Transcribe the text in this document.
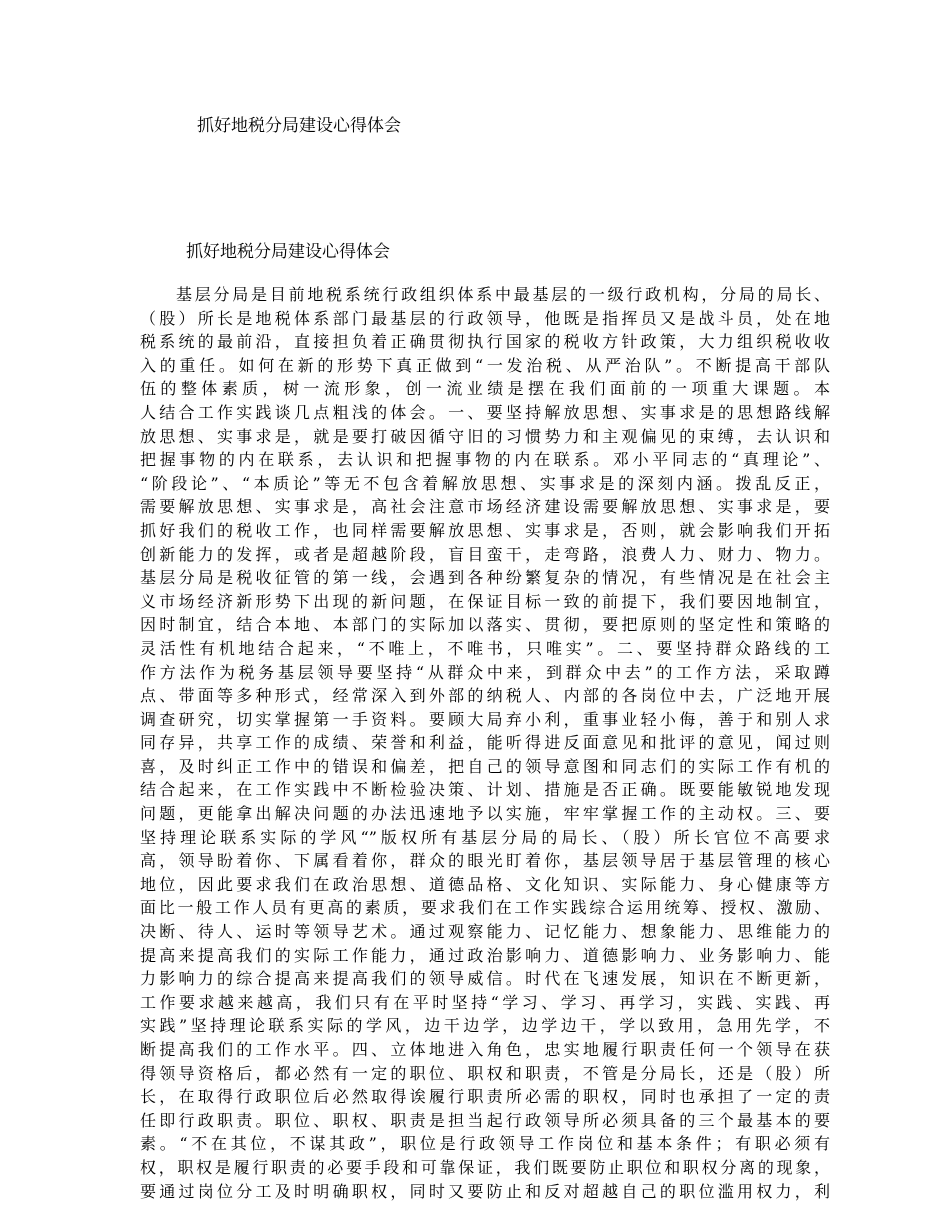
抓好地税分局建设心得体会
抓好地税分局建设心得体会
基层分局是目前地税系统行政组织体系中最基层的一级行政机构，分局的局长、
（股）所长是地税体系部门最基层的行政领导，他既是指挥员又是战斗员，处在地
税系统的最前沿，直接担负着正确贯彻执行国家的税收方针政策，大力组织税收收
入的重任。如何在新的形势下真正做到“一发治税、从严治队”。不断提高干部队
伍的整体素质，树一流形象，创一流业绩是摆在我们面前的一项重大课题。本
人结合工作实践谈几点粗浅的体会。一、要坚持解放思想、实事求是的思想路线解
放思想、实事求是，就是要打破因循守旧的习惯势力和主观偏见的束缚，去认识和
把握事物的内在联系，去认识和把握事物的内在联系。邓小平同志的“真理论”、
“阶段论”、“本质论”等无不包含着解放思想、实事求是的深刻内涵。拨乱反正，
需要解放思想、实事求是，高社会注意市场经济建设需要解放思想、实事求是，要
抓好我们的税收工作，也同样需要解放思想、实事求是，否则，就会影响我们开拓
创新能力的发挥，或者是超越阶段，盲目蛮干，走弯路，浪费人力、财力、物力。
基层分局是税收征管的第一线，会遇到各种纷繁复杂的情况，有些情况是在社会主
义市场经济新形势下出现的新问题，在保证目标一致的前提下，我们要因地制宜，
因时制宜，结合本地、本部门的实际加以落实、贯彻，要把原则的坚定性和策略的
灵活性有机地结合起来，“不唯上，不唯书，只唯实”。二、要坚持群众路线的工
作方法作为税务基层领导要坚持“从群众中来，到群众中去”的工作方法，采取蹲
点、带面等多种形式，经常深入到外部的纳税人、内部的各岗位中去，广泛地开展
调查研究，切实掌握第一手资料。要顾大局弃小利，重事业轻小侮，善于和别人求
同存异，共享工作的成绩、荣誉和利益，能听得进反面意见和批评的意见，闻过则
喜，及时纠正工作中的错误和偏差，把自己的领导意图和同志们的实际工作有机的
结合起来，在工作实践中不断检验决策、计划、措施是否正确。既要能敏锐地发现
问题，更能拿出解决问题的办法迅速地予以实施，牢牢掌握工作的主动权。三、要
坚持理论联系实际的学风“”版权所有基层分局的局长、（股）所长官位不高要求
高，领导盼着你、下属看着你，群众的眼光盯着你，基层领导居于基层管理的核心
地位，因此要求我们在政治思想、道德品格、文化知识、实际能力、身心健康等方
面比一般工作人员有更高的素质，要求我们在工作实践综合运用统筹、授权、激励、
决断、待人、运时等领导艺术。通过观察能力、记忆能力、想象能力、思维能力的
提高来提高我们的实际工作能力，通过政治影响力、道德影响力、业务影响力、能
力影响力的综合提高来提高我们的领导威信。时代在飞速发展，知识在不断更新，
工作要求越来越高，我们只有在平时坚持“学习、学习、再学习，实践、实践、再
实践”坚持理论联系实际的学风，边干边学，边学边干，学以致用，急用先学，不
断提高我们的工作水平。四、立体地进入角色，忠实地履行职责任何一个领导在获
得领导资格后，都必然有一定的职位、职权和职责，不管是分局长，还是（股）所
长，在取得行政职位后必然取得诶履行职责所必需的职权，同时也承担了一定的责
任即行政职责。职位、职权、职责是担当起行政领导所必须具备的三个最基本的要
素。“不在其位，不谋其政”，职位是行政领导工作岗位和基本条件；有职必须有
权，职权是履行职责的必要手段和可靠保证，我们既要防止职位和职权分离的现象，
要通过岗位分工及时明确职权，同时又要防止和反对超越自己的职位滥用权力，利
